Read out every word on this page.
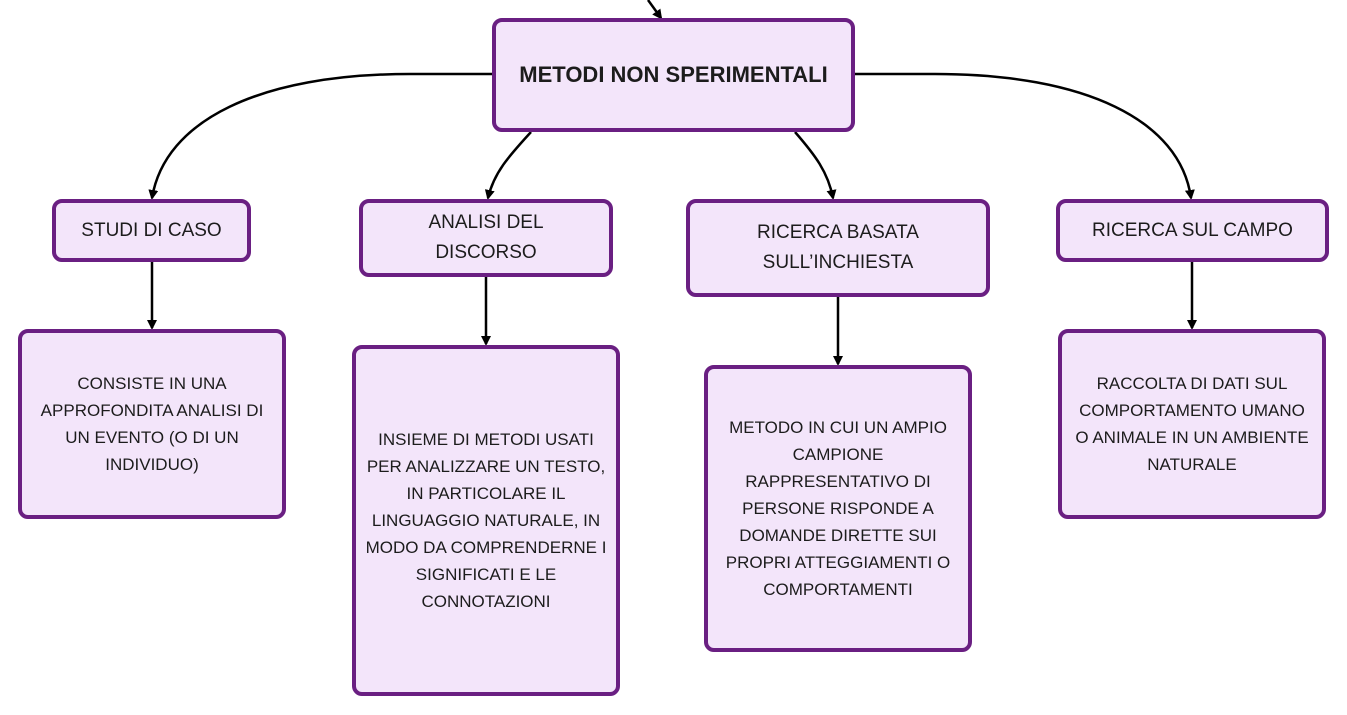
METODI NON SPERIMENTALI
STUDI DI CASO	ANALISI DEL DISCORSO
RICERCA BASATA SULL’INCHIESTA
RICERCA SUL CAMPO
CONSISTE IN UNA APPROFONDITA ANALISI DI UN EVENTO (O DI UN INDIVIDUO)
INSIEME DI METODI USATI PER ANALIZZARE UN TESTO, IN PARTICOLARE IL LINGUAGGIO NATURALE, IN MODO DA COMPRENDERNE I SIGNIFICATI E LE CONNOTAZIONI
METODO IN CUI UN AMPIO CAMPIONE RAPPRESENTATIVO DI PERSONE RISPONDE A DOMANDE DIRETTE SUI PROPRI ATTEGGIAMENTI O COMPORTAMENTI
RACCOLTA DI DATI SUL COMPORTAMENTO UMANO O ANIMALE IN UN AMBIENTE NATURALE
